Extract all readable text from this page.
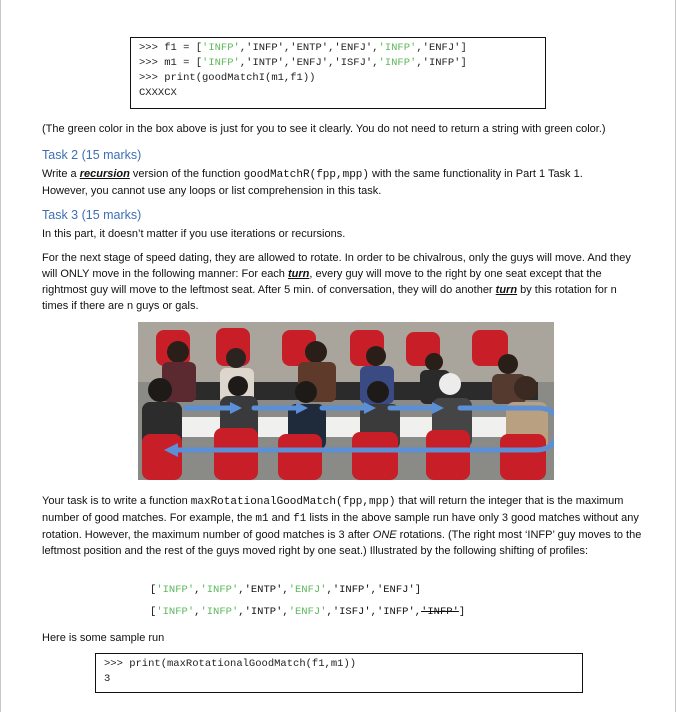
>>> f1 = ['INFP','INFP','ENTP','ENFJ','INFP','ENFJ']
>>> m1 = ['INFP','INTP','ENFJ','ISFJ','INFP','INFP']
>>> print(goodMatchI(m1,f1))
CXXXCX
(The green color in the box above is just for you to see it clearly. You do not need to return a string with green color.)
Task 2 (15 marks)
Write a recursion version of the function goodMatchR(fpp,mpp) with the same functionality in Part 1 Task 1.
However, you cannot use any loops or list comprehension in this task.
Task 3 (15 marks)
In this part, it doesn’t matter if you use iterations or recursions.
For the next stage of speed dating, they are allowed to rotate. In order to be chivalrous, only the guys will move. And they will ONLY move in the following manner: For each turn, every guy will move to the right by one seat except that the rightmost guy will move to the leftmost seat. After 5 min. of conversation, they will do another turn by this rotation for n times if there are n guys or gals.
Your task is to write a function maxRotationalGoodMatch(fpp,mpp) that will return the integer that is the maximum number of good matches. For example, the m1 and f1 lists in the above sample run have only 3 good matches without any rotation. However, the maximum number of good matches is 3 after ONE rotations. (The right most ‘INFP’ guy moves to the leftmost position and the rest of the guys moved right by one seat.) Illustrated by the following shifting of profiles:
['INFP','INFP','ENTP','ENFJ','INFP','ENFJ']
['INFP','INFP','INTP','ENFJ','ISFJ','INFP','INFP']
Here is some sample run
>>> print(maxRotationalGoodMatch(f1,m1))
3
